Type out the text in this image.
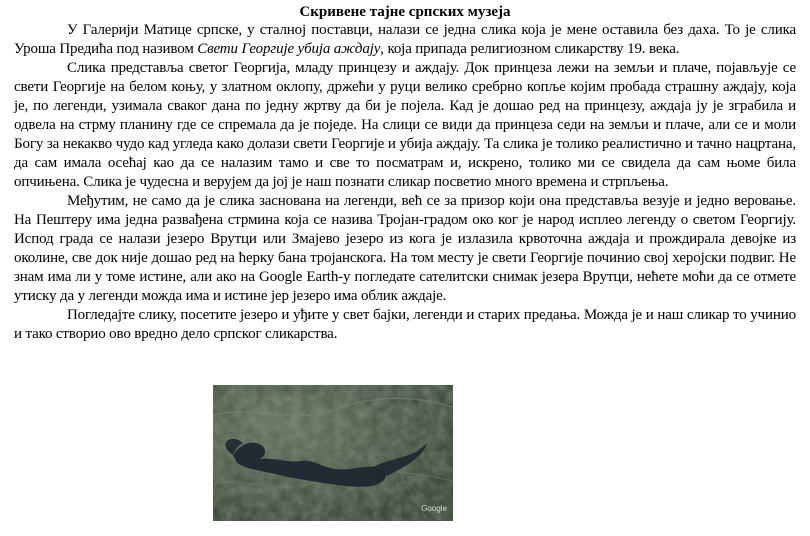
Скривене тајне српских музеја

У Галерији Матице српске, у сталној поставци, налази се једна слика која је мене оставила без даха. То је слика Уроша Предића под називом Свети Георгије убија аждају, која припада религиозном сликарству 19. века.

Слика представља светог Георгија, младу принцезу и аждају. Док принцеза лежи на земљи и плаче, појављује се свети Георгије на белом коњу, у златном оклопу, држећи у руци велико сребрно копље којим пробада страшну аждају, која је, по легенди, узимала сваког дана по једну жртву да би је појела. Кад је дошао ред на принцезу, аждаја ју је зграбила и одвела на стрму планину где се спремала да је поједе. На слици се види да принцеза седи на земљи и плаче, али се и моли Богу за некакво чудо кад угледа како долази свети Георгије и убија аждају. Та слика је толико реалистично и тачно нацртана, да сам имала осећај као да се налазим тамо и све то посматрам и, искрено, толико ми се свидела да сам њоме била опчињена. Слика је чудесна и верујем да јој је наш познати сликар посветио много времена и стрпљења.

Међутим, не само да је слика заснована на легенди, већ се за призор који она представља везује и једно веровање. На Пештеру има једна развађена стрмина која се назива Тројан-градом око ког је народ исплео легенду о светом Георгију. Испод града се налази језеро Врутци или Змајево језеро из кога је излазила крвоточна аждаја и прождирала девојке из околине, све док није дошао ред на ћерку бана тројанскога. На том месту је свети Георгије починио свој херојски подвиг. Не знам има ли у томе истине, али ако на Google Earth-у погледате сателитски снимак језера Врутци, нећете моћи да се отмете утиску да у легенди можда има и истине јер језеро има облик аждаје.

Погледајте слику, посетите језеро и уђите у свет бајки, легенди и старих предања. Можда је и наш сликар то учинио и тако створио ово вредно дело српског сликарства.

Google
